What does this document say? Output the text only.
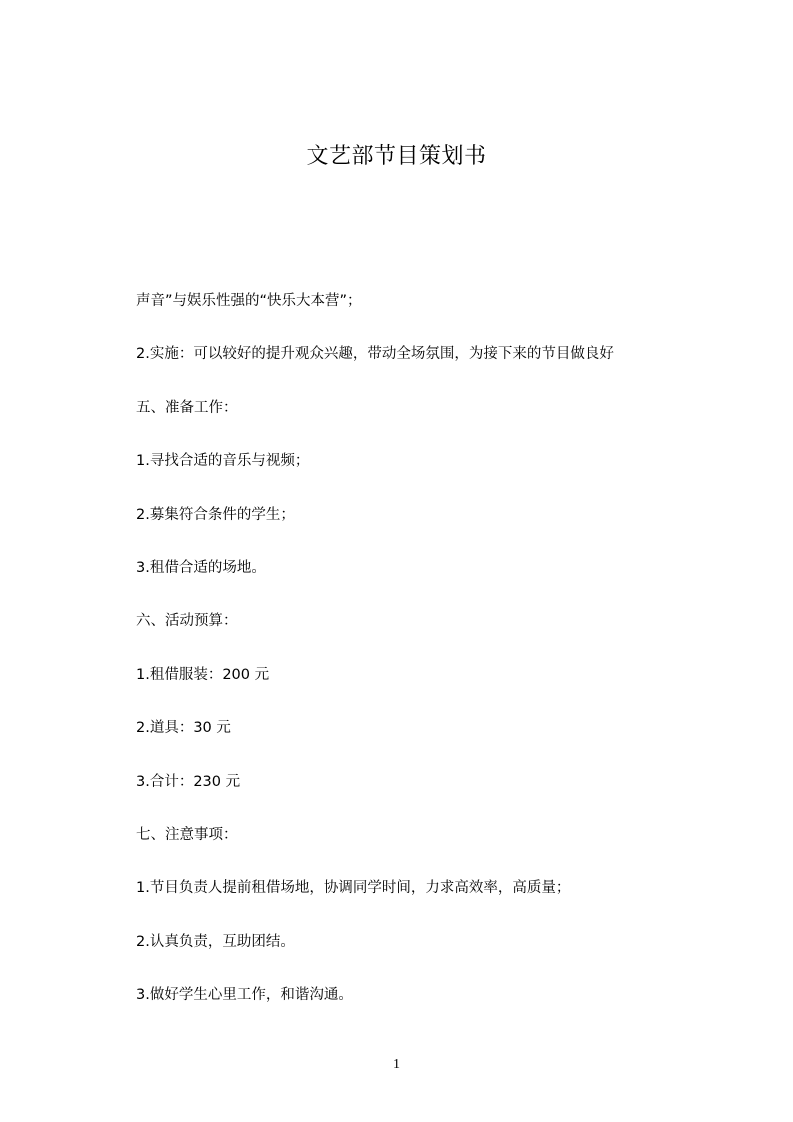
文艺部节目策划书
声音”与娱乐性强的“快乐大本营”；
2.实施：可以较好的提升观众兴趣，带动全场氛围，为接下来的节目做良好
五、准备工作：
1.寻找合适的音乐与视频；
2.募集符合条件的学生；
3.租借合适的场地。
六、活动预算：
1.租借服装：200 元
2.道具：30 元
3.合计：230 元
七、注意事项：
1.节目负责人提前租借场地，协调同学时间，力求高效率，高质量；
2.认真负责，互助团结。
3.做好学生心里工作，和谐沟通。
1
